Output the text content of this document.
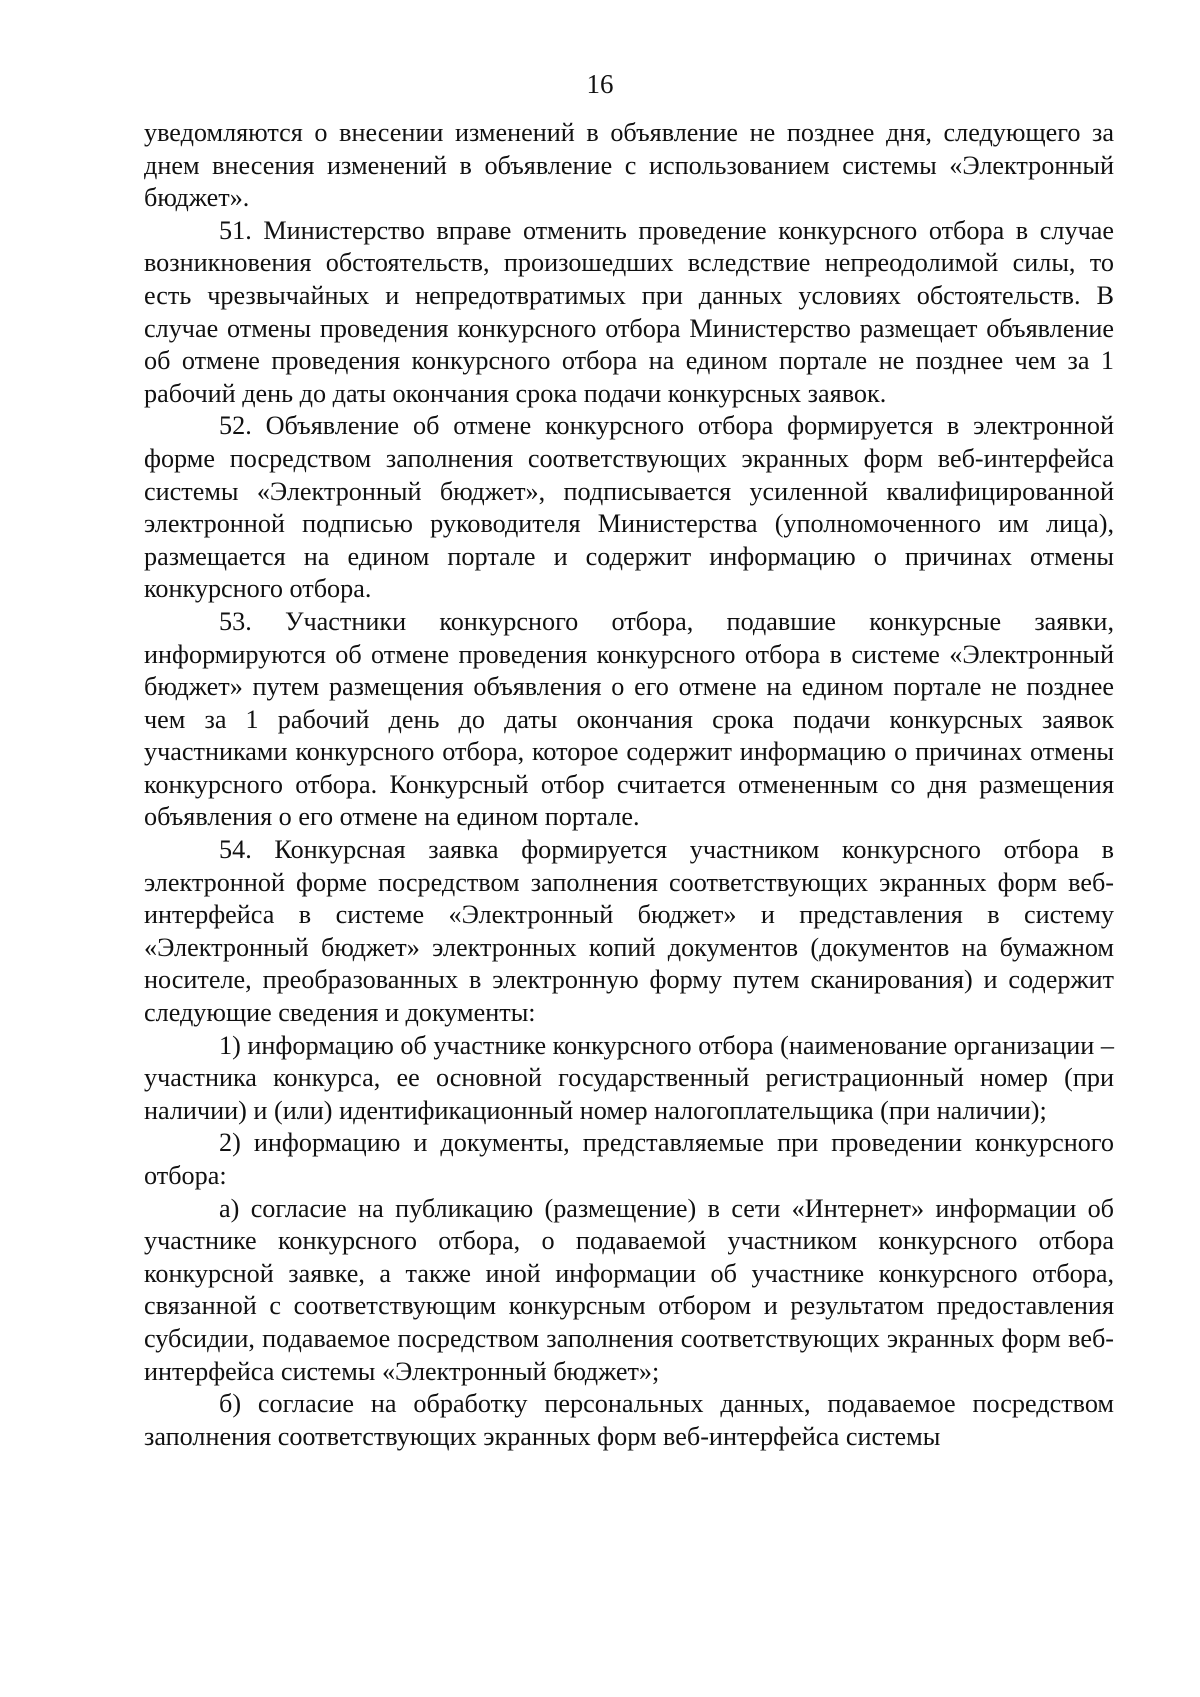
16

уведомляются о внесении изменений в объявление не позднее дня, следующего за днем внесения изменений в объявление с использованием системы «Электронный бюджет».

51. Министерство вправе отменить проведение конкурсного отбора в случае возникновения обстоятельств, произошедших вследствие непреодолимой силы, то есть чрезвычайных и непредотвратимых при данных условиях обстоятельств. В случае отмены проведения конкурсного отбора Министерство размещает объявление об отмене проведения конкурсного отбора на едином портале не позднее чем за 1 рабочий день до даты окончания срока подачи конкурсных заявок.

52. Объявление об отмене конкурсного отбора формируется в электронной форме посредством заполнения соответствующих экранных форм веб-интерфейса системы «Электронный бюджет», подписывается усиленной квалифицированной электронной подписью руководителя Министерства (уполномоченного им лица), размещается на едином портале и содержит информацию о причинах отмены конкурсного отбора.

53. Участники конкурсного отбора, подавшие конкурсные заявки, информируются об отмене проведения конкурсного отбора в системе «Электронный бюджет» путем размещения объявления о его отмене на едином портале не позднее чем за 1 рабочий день до даты окончания срока подачи конкурсных заявок участниками конкурсного отбора, которое содержит информацию о причинах отмены конкурсного отбора. Конкурсный отбор считается отмененным со дня размещения объявления о его отмене на едином портале.

54. Конкурсная заявка формируется участником конкурсного отбора в электронной форме посредством заполнения соответствующих экранных форм веб-интерфейса в системе «Электронный бюджет» и представления в систему «Электронный бюджет» электронных копий документов (документов на бумажном носителе, преобразованных в электронную форму путем сканирования) и содержит следующие сведения и документы:

1) информацию об участнике конкурсного отбора (наименование организации – участника конкурса, ее основной государственный регистрационный номер (при наличии) и (или) идентификационный номер налогоплательщика (при наличии);

2) информацию и документы, представляемые при проведении конкурсного отбора:

а) согласие на публикацию (размещение) в сети «Интернет» информации об участнике конкурсного отбора, о подаваемой участником конкурсного отбора конкурсной заявке, а также иной информации об участнике конкурсного отбора, связанной с соответствующим конкурсным отбором и результатом предоставления субсидии, подаваемое посредством заполнения соответствующих экранных форм веб-интерфейса системы «Электронный бюджет»;

б) согласие на обработку персональных данных, подаваемое посредством заполнения соответствующих экранных форм веб-интерфейса системы
